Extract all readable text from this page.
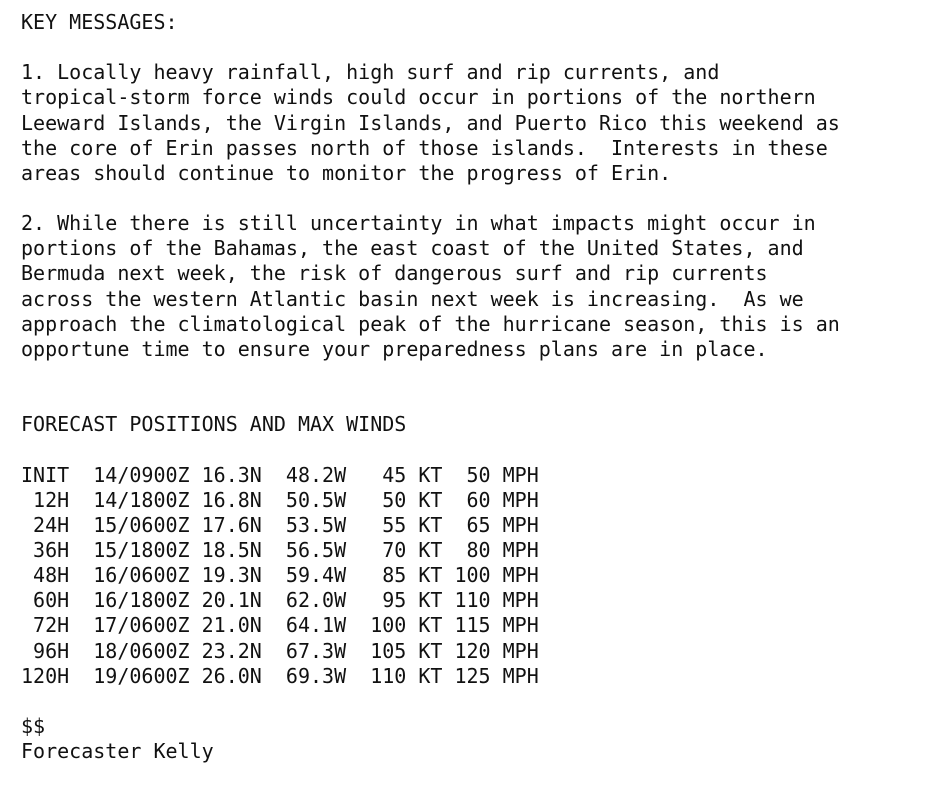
KEY MESSAGES:
1. Locally heavy rainfall, high surf and rip currents, and
tropical-storm force winds could occur in portions of the northern
Leeward Islands, the Virgin Islands, and Puerto Rico this weekend as
the core of Erin passes north of those islands.  Interests in these
areas should continue to monitor the progress of Erin.
2. While there is still uncertainty in what impacts might occur in
portions of the Bahamas, the east coast of the United States, and
Bermuda next week, the risk of dangerous surf and rip currents
across the western Atlantic basin next week is increasing.  As we
approach the climatological peak of the hurricane season, this is an
opportune time to ensure your preparedness plans are in place.
FORECAST POSITIONS AND MAX WINDS
INIT  14/0900Z 16.3N  48.2W   45 KT  50 MPH
12H  14/1800Z 16.8N  50.5W   50 KT  60 MPH
24H  15/0600Z 17.6N  53.5W   55 KT  65 MPH
36H  15/1800Z 18.5N  56.5W   70 KT  80 MPH
48H  16/0600Z 19.3N  59.4W   85 KT 100 MPH
60H  16/1800Z 20.1N  62.0W   95 KT 110 MPH
72H  17/0600Z 21.0N  64.1W  100 KT 115 MPH
96H  18/0600Z 23.2N  67.3W  105 KT 120 MPH
120H  19/0600Z 26.0N  69.3W  110 KT 125 MPH
$$
Forecaster Kelly
